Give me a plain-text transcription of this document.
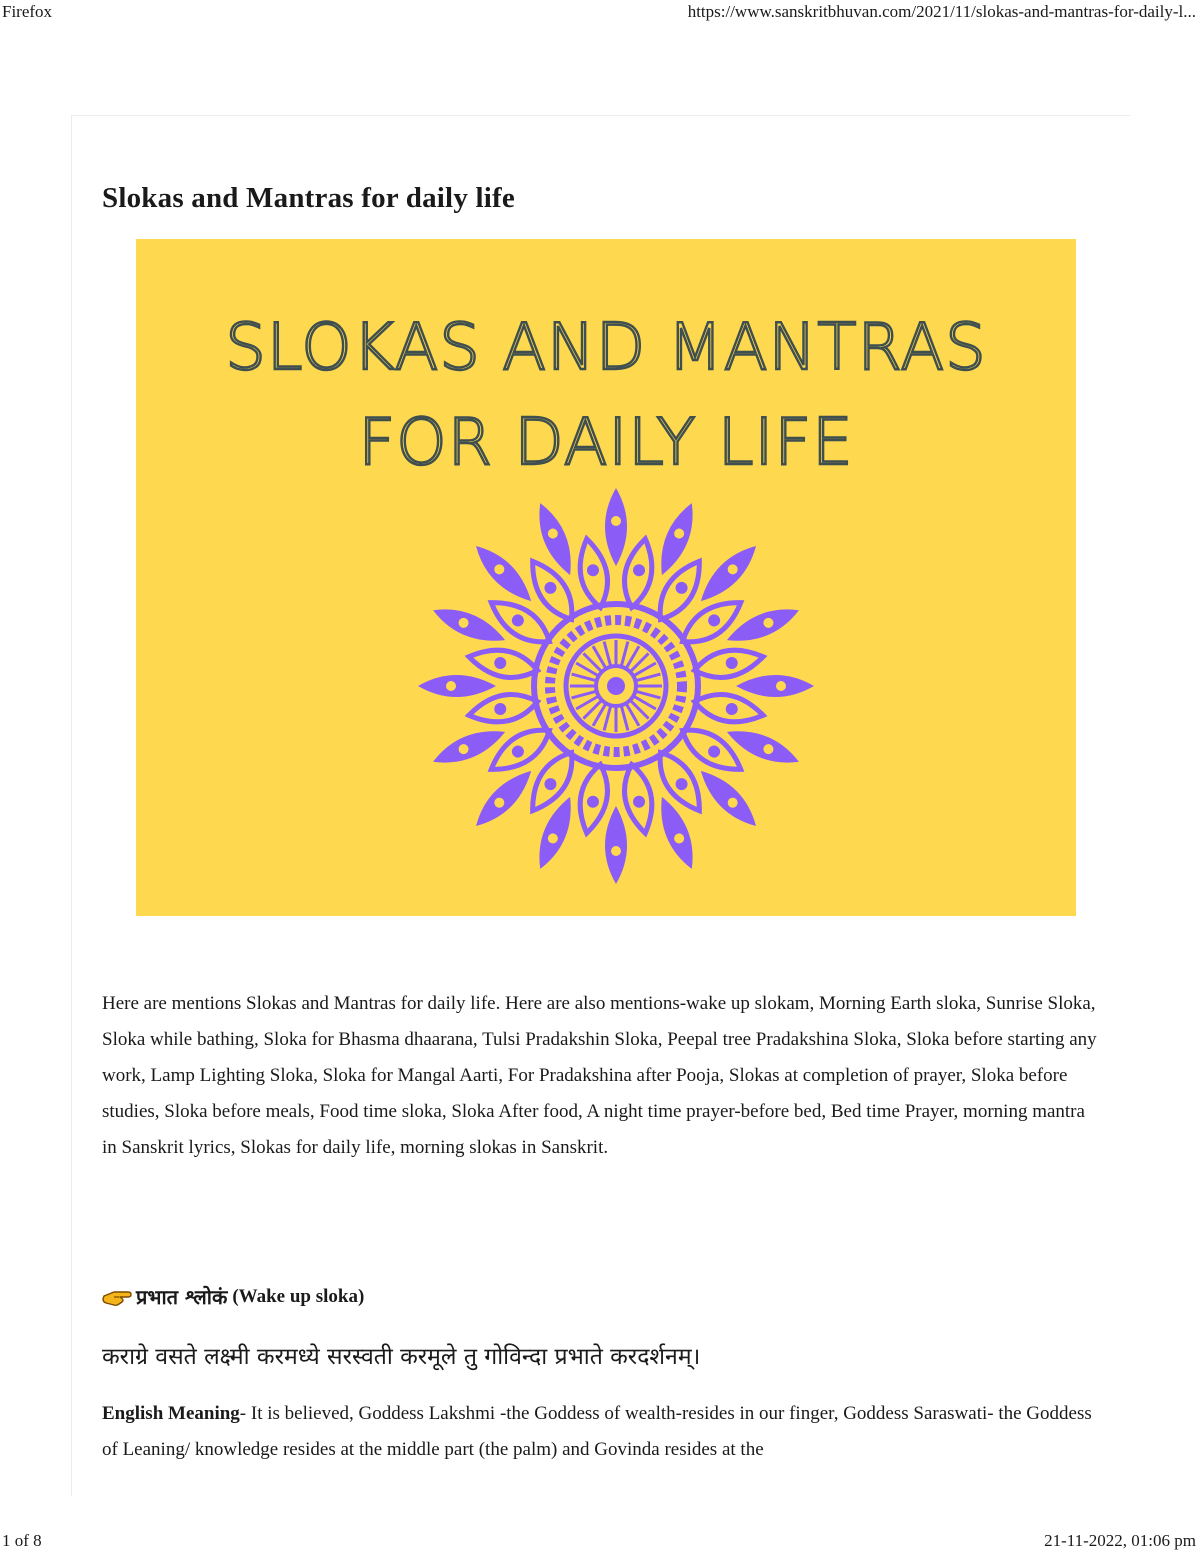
Firefox	https://www.sanskritbhuvan.com/2021/11/slokas-and-mantras-for-daily-l...
Slokas and Mantras for daily life
SLOKAS AND MANTRAS
FOR DAILY LIFE

Here are mentions Slokas and Mantras for daily life. Here are also mentions-wake up slokam, Morning Earth sloka, Sunrise Sloka, Sloka while bathing, Sloka for Bhasma dhaarana, Tulsi Pradakshin Sloka, Peepal tree Pradakshina Sloka, Sloka before starting any work, Lamp Lighting Sloka, Sloka for Mangal Aarti, For Pradakshina after Pooja, Slokas at completion of prayer, Sloka before studies, Sloka before meals, Food time sloka, Sloka After food, A night time prayer-before bed, Bed time Prayer, morning mantra in Sanskrit lyrics, Slokas for daily life, morning slokas in Sanskrit.

प्रभात श्लोकं (Wake up sloka)

कराग्रे वसते लक्ष्मी करमध्ये सरस्वती करमूले तु गोविन्दा प्रभाते करदर्शनम्।

English Meaning- It is believed, Goddess Lakshmi -the Goddess of wealth-resides in our finger, Goddess Saraswati- the Goddess of Leaning/ knowledge resides at the middle part (the palm) and Govinda resides at the

1 of 8	21-11-2022, 01:06 pm
